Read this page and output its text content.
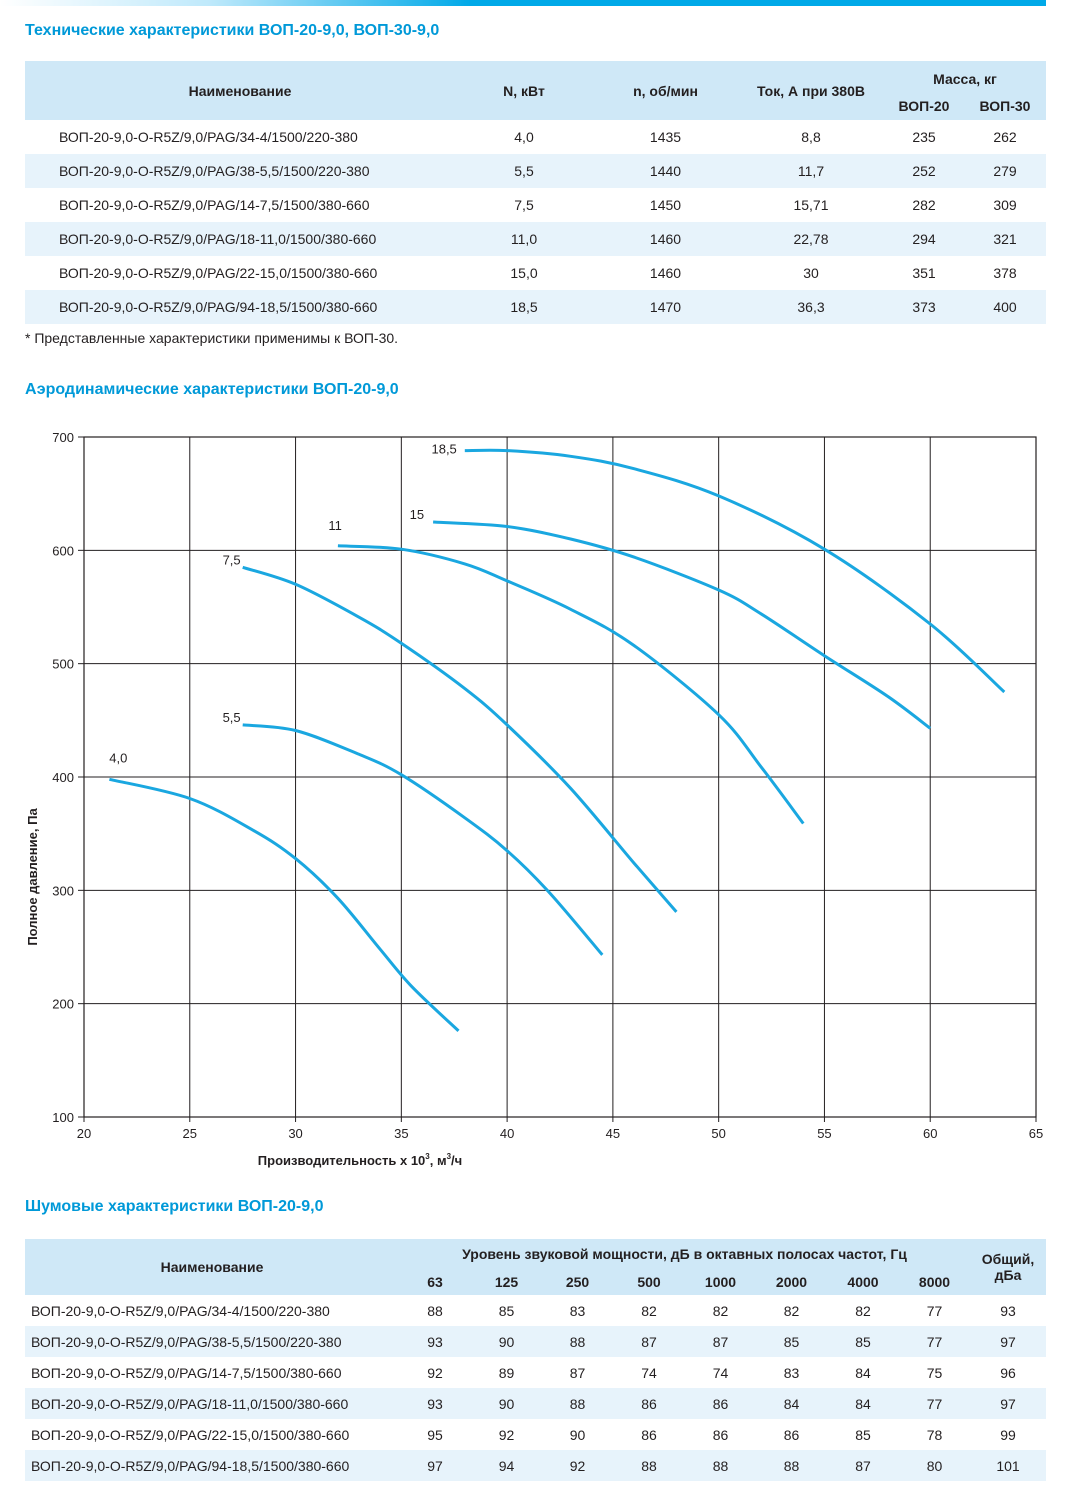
Технические характеристики ВОП-20-9,0, ВОП-30-9,0
Наименование	N, кВт	n, об/мин	Ток, А при 380В	Масса, кг	
				ВОП-20	ВОП-30
ВОП-20-9,0-O-R5Z/9,0/PAG/34-4/1500/220-380	4,0	1435	8,8	235	262
ВОП-20-9,0-O-R5Z/9,0/PAG/38-5,5/1500/220-380	5,5	1440	11,7	252	279
ВОП-20-9,0-O-R5Z/9,0/PAG/14-7,5/1500/380-660	7,5	1450	15,71	282	309
ВОП-20-9,0-O-R5Z/9,0/PAG/18-11,0/1500/380-660	11,0	1460	22,78	294	321
ВОП-20-9,0-O-R5Z/9,0/PAG/22-15,0/1500/380-660	15,0	1460	30	351	378
ВОП-20-9,0-O-R5Z/9,0/PAG/94-18,5/1500/380-660	18,5	1470	36,3	373	400
* Представленные характеристики применимы к ВОП-30.
Аэродинамические характеристики ВОП-20-9,0
20	25	30	35	40	45	50	55	60	65
100
200
300
400
500
600
700
4,0
5,5
7,5
11
15
18,5
Производительность x $10^3$, $м^3/ч$
Полное давление, Па
Шумовые характеристики ВОП-20-9,0
Наименование	Уровень звуковой мощности, дБ в октавных полосах частот, Гц								Общий, дБа
	63	125	250	500	1000	2000	4000	8000	
ВОП-20-9,0-O-R5Z/9,0/PAG/34-4/1500/220-380	88	85	83	82	82	82	82	77	93
ВОП-20-9,0-O-R5Z/9,0/PAG/38-5,5/1500/220-380	93	90	88	87	87	85	85	77	97
ВОП-20-9,0-O-R5Z/9,0/PAG/14-7,5/1500/380-660	92	89	87	74	74	83	84	75	96
ВОП-20-9,0-O-R5Z/9,0/PAG/18-11,0/1500/380-660	93	90	88	86	86	84	84	77	97
ВОП-20-9,0-O-R5Z/9,0/PAG/22-15,0/1500/380-660	95	92	90	86	86	86	85	78	99
ВОП-20-9,0-O-R5Z/9,0/PAG/94-18,5/1500/380-660	97	94	92	88	88	88	87	80	101
